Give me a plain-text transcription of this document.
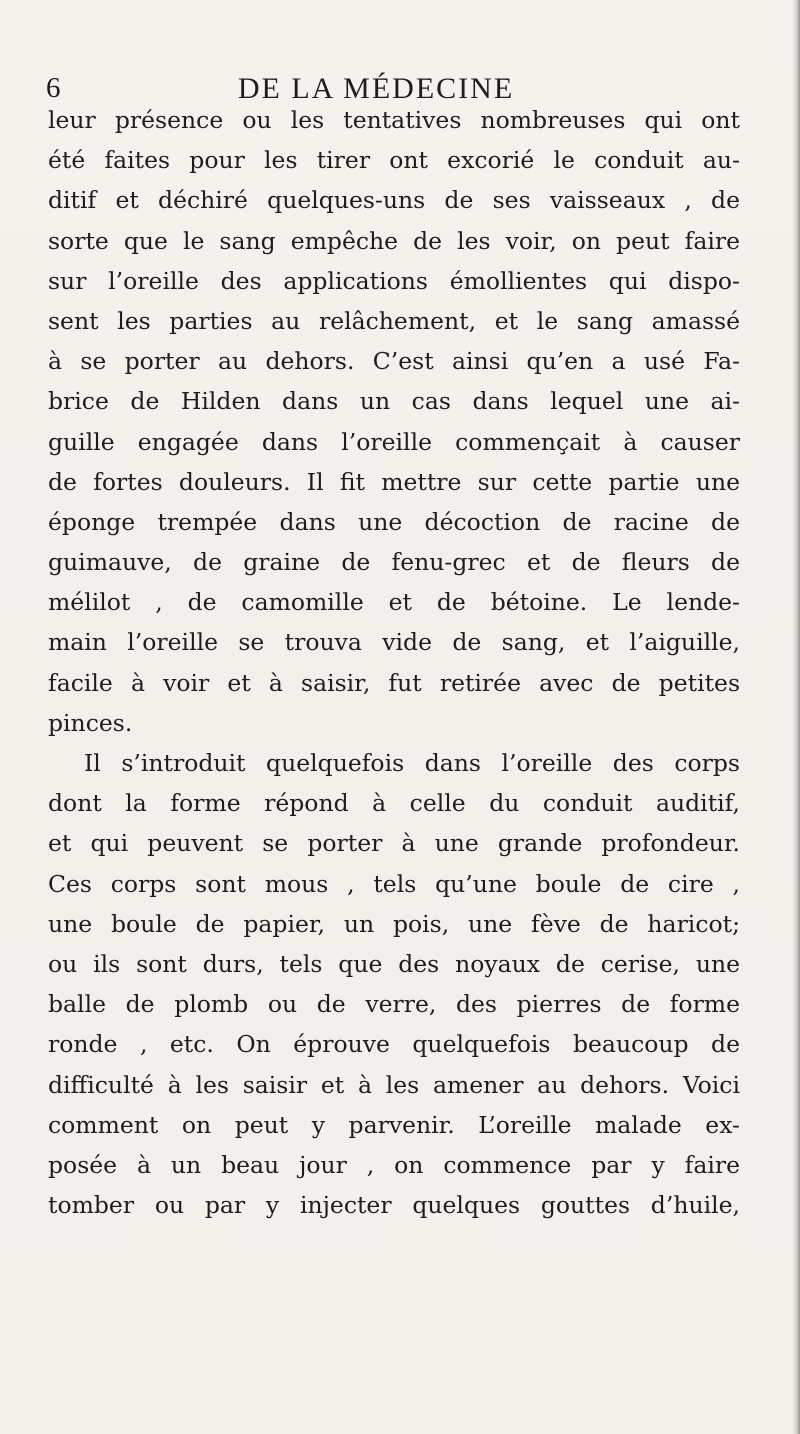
6	DE LA MÉDECINE
leur présence ou les tentatives nombreuses qui ont
été faites pour les tirer ont excorié le conduit au-
ditif et déchiré quelques-uns de ses vaisseaux , de
sorte que le sang empêche de les voir, on peut faire
sur l’oreille des applications émollientes qui dispo-
sent les parties au relâchement, et le sang amassé
à se porter au dehors. C’est ainsi qu’en a usé Fa-
brice de Hilden dans un cas dans lequel une ai-
guille engagée dans l’oreille commençait à causer
de fortes douleurs. Il fit mettre sur cette partie une
éponge trempée dans une décoction de racine de
guimauve, de graine de fenu-grec et de fleurs de
mélilot , de camomille et de bétoine. Le lende-
main l’oreille se trouva vide de sang, et l’aiguille,
facile à voir et à saisir, fut retirée avec de petites
pinces.
Il s’introduit quelquefois dans l’oreille des corps
dont la forme répond à celle du conduit auditif,
et qui peuvent se porter à une grande profondeur.
Ces corps sont mous , tels qu’une boule de cire ,
une boule de papier, un pois, une fève de haricot;
ou ils sont durs, tels que des noyaux de cerise, une
balle de plomb ou de verre, des pierres de forme
ronde , etc. On éprouve quelquefois beaucoup de
difficulté à les saisir et à les amener au dehors. Voici
comment on peut y parvenir. L’oreille malade ex-
posée à un beau jour , on commence par y faire
tomber ou par y injecter quelques gouttes d’huile,
